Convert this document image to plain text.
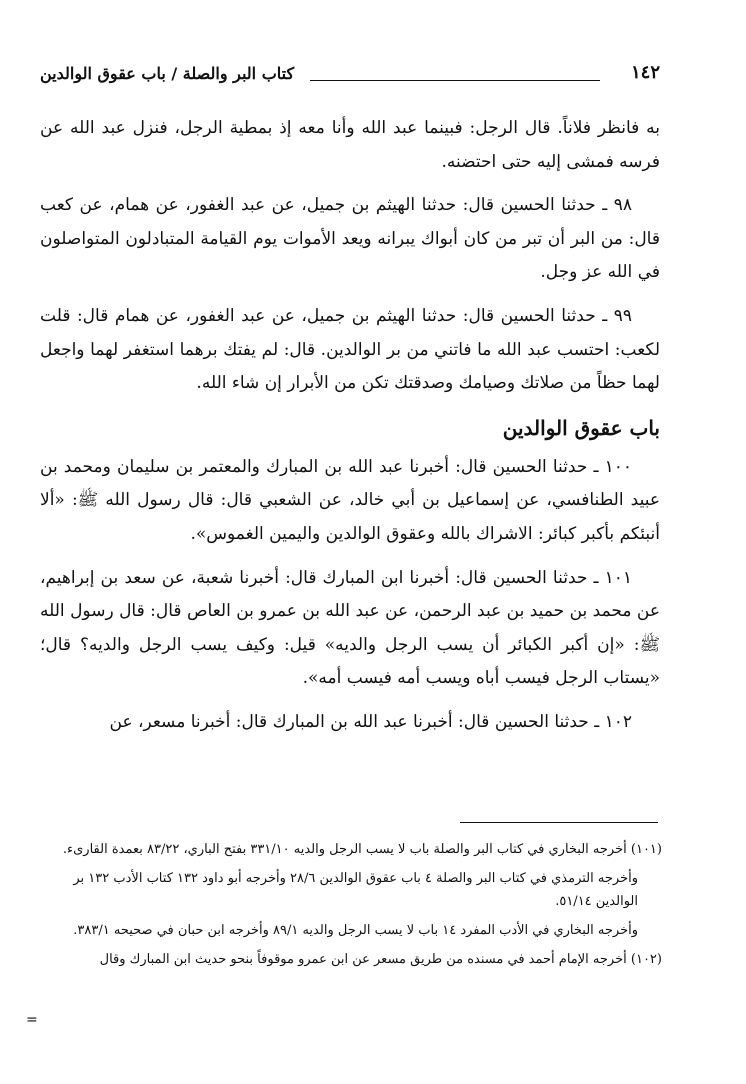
١٤٢
كتاب البر والصلة / باب عقوق الوالدين

به فانظر فلاناً. قال الرجل: فبينما عبد الله وأنا معه إذ بمطية الرجل، فنزل عبد الله عن فرسه فمشى إليه حتى احتضنه.

٩٨ ـ حدثنا الحسين قال: حدثنا الهيثم بن جميل، عن عبد الغفور، عن همام، عن كعب قال: من البر أن تبر من كان أبواك يبرانه ويعد الأموات يوم القيامة المتبادلون المتواصلون في الله عز وجل.

٩٩ ـ حدثنا الحسين قال: حدثنا الهيثم بن جميل، عن عبد الغفور، عن همام قال: قلت لكعب: احتسب عبد الله ما فاتني من بر الوالدين. قال: لم يفتك برهما استغفر لهما واجعل لهما حظاً من صلاتك وصيامك وصدقتك تكن من الأبرار إن شاء الله.

باب عقوق الوالدين

١٠٠ ـ حدثنا الحسين قال: أخبرنا عبد الله بن المبارك والمعتمر بن سليمان ومحمد بن عبيد الطنافسي، عن إسماعيل بن أبي خالد، عن الشعبي قال: قال رسول الله ﷺ: «ألا أنبئكم بأكبر كبائر: الاشراك بالله وعقوق الوالدين واليمين الغموس».

١٠١ ـ حدثنا الحسين قال: أخبرنا ابن المبارك قال: أخبرنا شعبة، عن سعد بن إبراهيم، عن محمد بن حميد بن عبد الرحمن، عن عبد الله بن عمرو بن العاص قال: قال رسول الله ﷺ: «إن أكبر الكبائر أن يسب الرجل والديه» قيل: وكيف يسب الرجل والديه؟ قال؛ «يستاب الرجل فيسب أباه ويسب أمه فيسب أمه».

١٠٢ ـ حدثنا الحسين قال: أخبرنا عبد الله بن المبارك قال: أخبرنا مسعر، عن

(١٠١) أخرجه البخاري في كتاب البر والصلة باب لا يسب الرجل والديه ٣٣١/١٠ بفتح الباري، ٨٣/٢٢ بعمدة القارىء.

وأخرجه الترمذي في كتاب البر والصلة ٤ باب عقوق الوالدين ٢٨/٦ وأخرجه أبو داود ١٣٢ كتاب الأدب ١٣٢ بر الوالدين ٥١/١٤.

وأخرجه البخاري في الأدب المفرد ١٤ باب لا يسب الرجل والديه ٨٩/١ وأخرجه ابن حبان في صحيحه ٣٨٣/١.

(١٠٢) أخرجه الإمام أحمد في مسنده من طريق مسعر عن ابن عمرو موقوفاً بنحو حديث ابن المبارك وقال

=
